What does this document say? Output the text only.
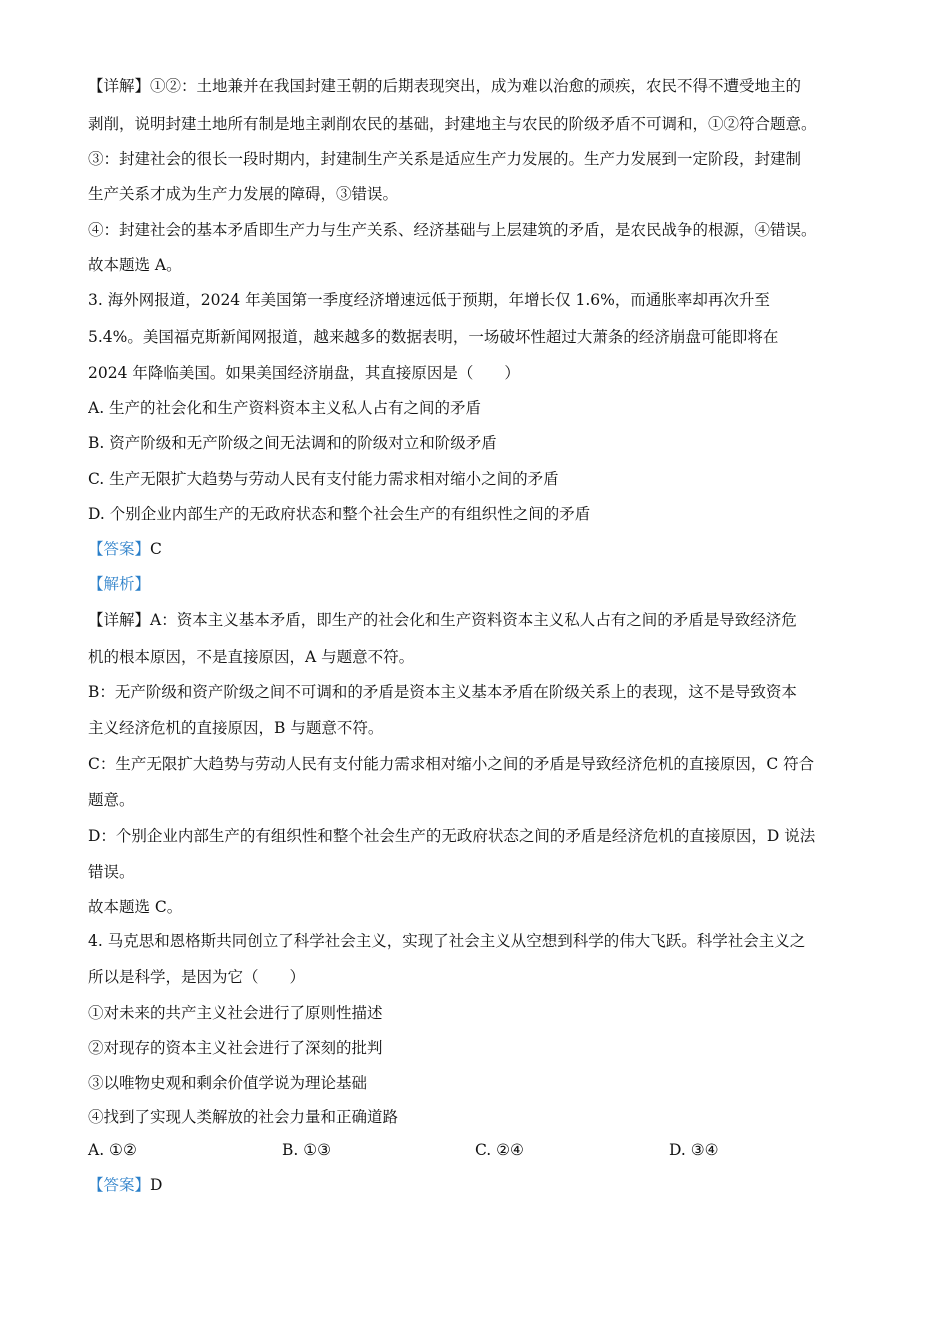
【详解】①②：土地兼并在我国封建王朝的后期表现突出，成为难以治愈的顽疾，农民不得不遭受地主的
剥削，说明封建土地所有制是地主剥削农民的基础，封建地主与农民的阶级矛盾不可调和，①②符合题意。
③：封建社会的很长一段时期内，封建制生产关系是适应生产力发展的。生产力发展到一定阶段，封建制
生产关系才成为生产力发展的障碍，③错误。
④：封建社会的基本矛盾即生产力与生产关系、经济基础与上层建筑的矛盾，是农民战争的根源，④错误。
故本题选 A。
3. 海外网报道，2024 年美国第一季度经济增速远低于预期，年增长仅 1.6%，而通胀率却再次升至
5.4%。美国福克斯新闻网报道，越来越多的数据表明，一场破坏性超过大萧条的经济崩盘可能即将在
2024 年降临美国。如果美国经济崩盘，其直接原因是（　　）
A. 生产的社会化和生产资料资本主义私人占有之间的矛盾
B. 资产阶级和无产阶级之间无法调和的阶级对立和阶级矛盾
C. 生产无限扩大趋势与劳动人民有支付能力需求相对缩小之间的矛盾
D. 个别企业内部生产的无政府状态和整个社会生产的有组织性之间的矛盾
【答案】C
【解析】
【详解】A：资本主义基本矛盾，即生产的社会化和生产资料资本主义私人占有之间的矛盾是导致经济危
机的根本原因，不是直接原因，A 与题意不符。
B：无产阶级和资产阶级之间不可调和的矛盾是资本主义基本矛盾在阶级关系上的表现，这不是导致资本
主义经济危机的直接原因，B 与题意不符。
C：生产无限扩大趋势与劳动人民有支付能力需求相对缩小之间的矛盾是导致经济危机的直接原因，C 符合
题意。
D：个别企业内部生产的有组织性和整个社会生产的无政府状态之间的矛盾是经济危机的直接原因，D 说法
错误。
故本题选 C。
4. 马克思和恩格斯共同创立了科学社会主义，实现了社会主义从空想到科学的伟大飞跃。科学社会主义之
所以是科学，是因为它（　　）
①对未来的共产主义社会进行了原则性描述
②对现存的资本主义社会进行了深刻的批判
③以唯物史观和剩余价值学说为理论基础
④找到了实现人类解放的社会力量和正确道路
A. ①②	B. ①③	C. ②④	D. ③④
【答案】D
